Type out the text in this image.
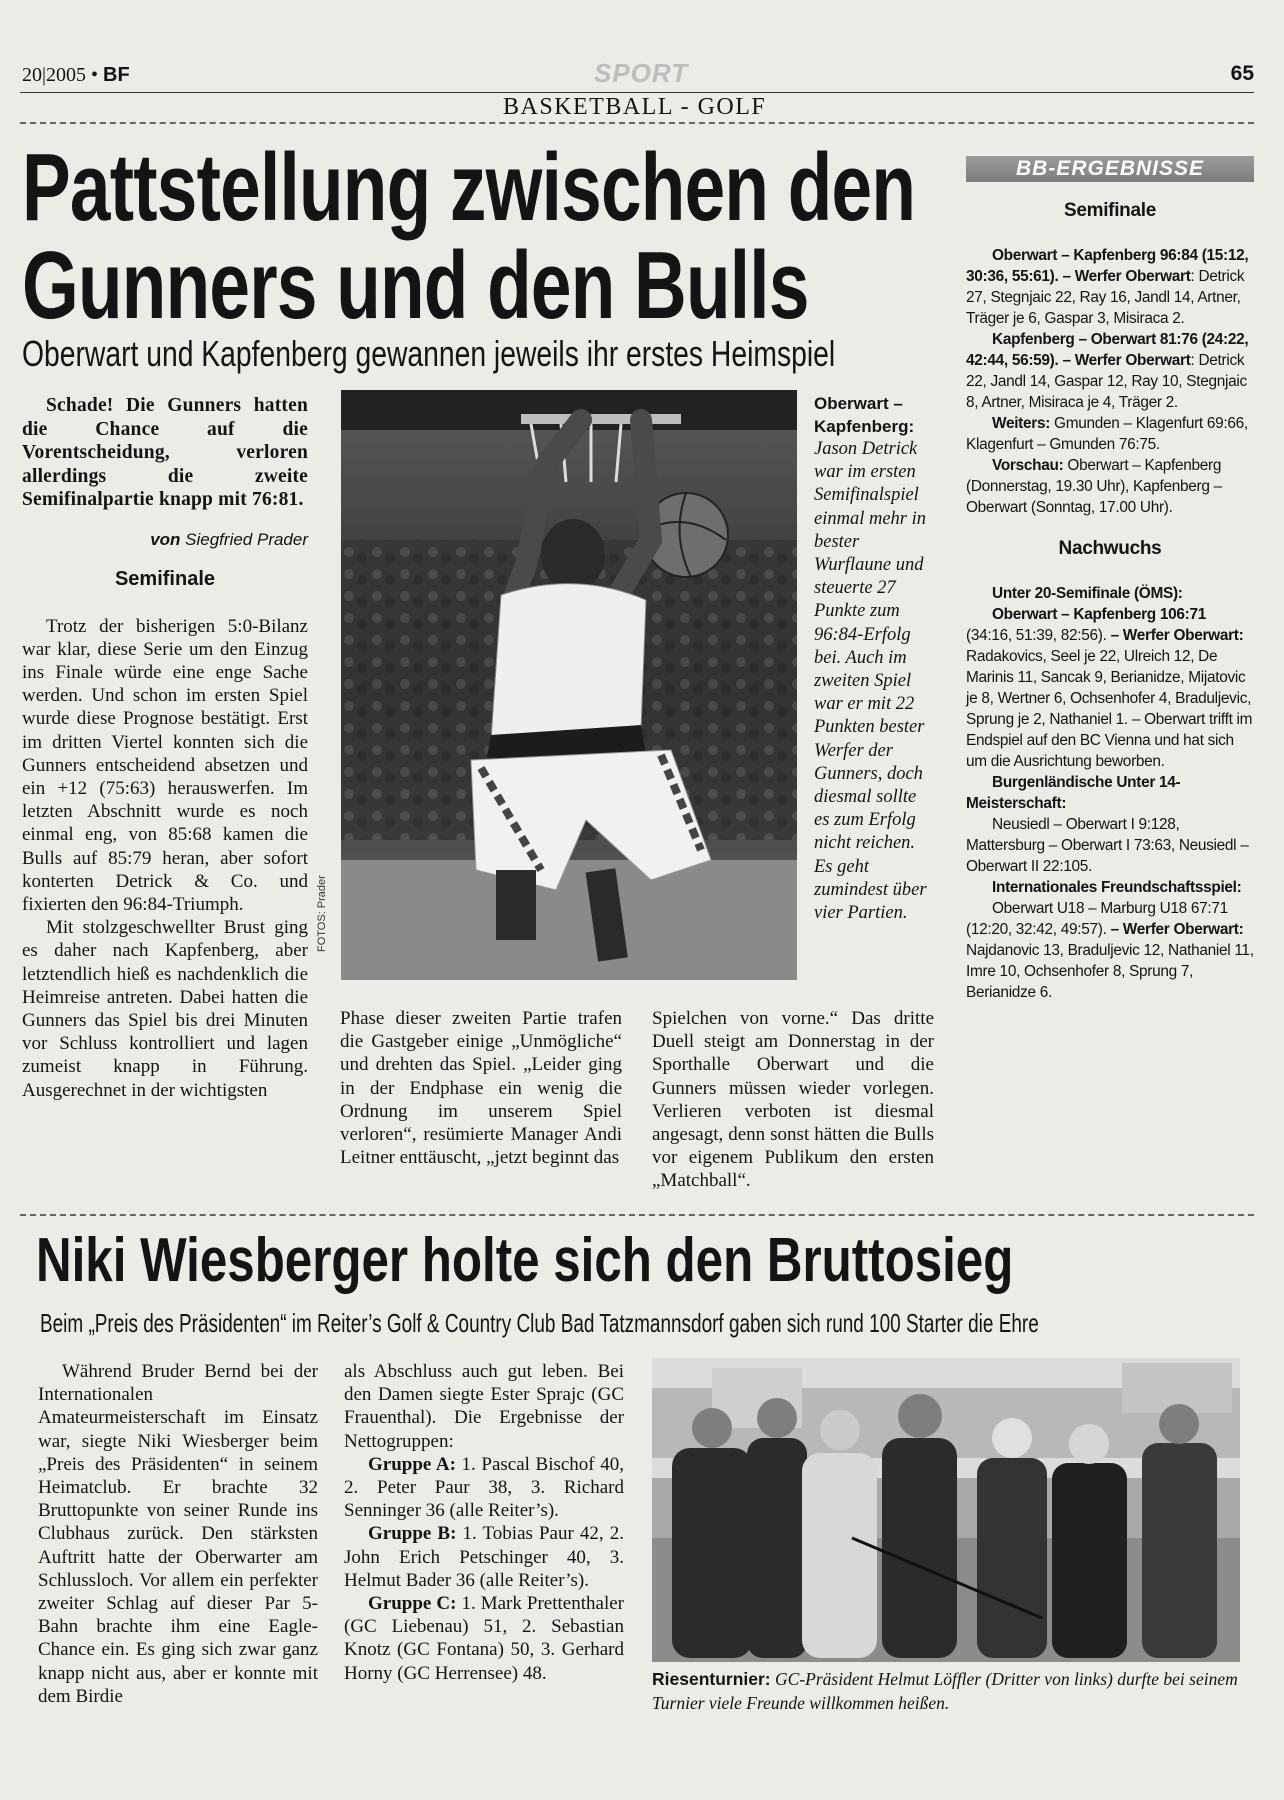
20|2005 • BF	SPORT	65
BASKETBALL - GOLF
Pattstellung zwischen den
Gunners und den Bulls
Oberwart und Kapfenberg gewannen jeweils ihr erstes Heimspiel

Schade! Die Gunners hatten die Chance auf die Vorentscheidung, verloren allerdings die zweite Semifinalpartie knapp mit 76:81.

von Siegfried Prader

Semifinale

Trotz der bisherigen 5:0-Bilanz war klar, diese Serie um den Einzug ins Finale würde eine enge Sache werden. Und schon im ersten Spiel wurde diese Prognose bestätigt. Erst im dritten Viertel konnten sich die Gunners entscheidend absetzen und ein +12 (75:63) herauswerfen. Im letzten Abschnitt wurde es noch einmal eng, von 85:68 kamen die Bulls auf 85:79 heran, aber sofort konterten Detrick & Co. und fixierten den 96:84-Triumph.

Mit stolzgeschwellter Brust ging es daher nach Kapfenberg, aber letztendlich hieß es nachdenklich die Heimreise antreten. Dabei hatten die Gunners das Spiel bis drei Minuten vor Schluss kontrolliert und lagen zumeist knapp in Führung. Ausgerechnet in der wichtigsten

FOTOS: Prader
Oberwart – Kapfenberg:
Jason Detrick war im ersten Semifinalspiel einmal mehr in bester Wurflaune und steuerte 27 Punkte zum 96:84-Erfolg bei. Auch im zweiten Spiel war er mit 22 Punkten bester Werfer der Gunners, doch diesmal sollte es zum Erfolg nicht reichen. Es geht zumindest über vier Partien.
Phase dieser zweiten Partie trafen die Gastgeber einige „Unmögliche“ und drehten das Spiel. „Leider ging in der Endphase ein wenig die Ordnung im unserem Spiel verloren“, resümierte Manager Andi Leitner enttäuscht, „jetzt beginnt das
Spielchen von vorne.“ Das dritte Duell steigt am Donnerstag in der Sporthalle Oberwart und die Gunners müssen wieder vorlegen. Verlieren verboten ist diesmal angesagt, denn sonst hätten die Bulls vor eigenem Publikum den ersten „Matchball“.
BB-ERGEBNISSE

Semifinale

Oberwart – Kapfenberg 96:84 (15:12, 30:36, 55:61). – Werfer Oberwart: Detrick 27, Stegnjaic 22, Ray 16, Jandl 14, Artner, Träger je 6, Gaspar 3, Misiraca 2.

Kapfenberg – Oberwart 81:76 (24:22, 42:44, 56:59). – Werfer Oberwart: Detrick 22, Jandl 14, Gaspar 12, Ray 10, Stegnjaic 8, Artner, Misiraca je 4, Träger 2.

Weiters: Gmunden – Klagenfurt 69:66, Klagenfurt – Gmunden 76:75.

Vorschau: Oberwart – Kapfenberg (Donnerstag, 19.30 Uhr), Kapfenberg – Oberwart (Sonntag, 17.00 Uhr).

Nachwuchs

Unter 20-Semifinale (ÖMS):

Oberwart – Kapfenberg 106:71

(34:16, 51:39, 82:56). – Werfer Oberwart: Radakovics, Seel je 22, Ulreich 12, De Marinis 11, Sancak 9, Berianidze, Mijatovic je 8, Wertner 6, Ochsenhofer 4, Braduljevic, Sprung je 2, Nathaniel 1. – Oberwart trifft im Endspiel auf den BC Vienna und hat sich um die Ausrichtung beworben.

Burgenländische Unter 14-Meisterschaft:

Neusiedl – Oberwart I 9:128, Mattersburg – Oberwart I 73:63, Neusiedl – Oberwart II 22:105.

Internationales Freundschaftsspiel:

Oberwart U18 – Marburg U18 67:71 (12:20, 32:42, 49:57). – Werfer Oberwart: Najdanovic 13, Braduljevic 12, Nathaniel 11, Imre 10, Ochsenhofer 8, Sprung 7, Berianidze 6.

Niki Wiesberger holte sich den Bruttosieg
Beim „Preis des Präsidenten“ im Reiter’s Golf & Country Club Bad Tatzmannsdorf gaben sich rund 100 Starter die Ehre
Während Bruder Bernd bei der Internationalen Amateurmeisterschaft im Einsatz war, siegte Niki Wiesberger beim „Preis des Präsidenten“ in seinem Heimatclub. Er brachte 32 Bruttopunkte von seiner Runde ins Clubhaus zurück. Den stärksten Auftritt hatte der Oberwarter am Schlussloch. Vor allem ein perfekter zweiter Schlag auf dieser Par 5-Bahn brachte ihm eine Eagle-Chance ein. Es ging sich zwar ganz knapp nicht aus, aber er konnte mit dem Birdie

als Abschluss auch gut leben. Bei den Damen siegte Ester Sprajc (GC Frauenthal). Die Ergebnisse der Nettogruppen:

Gruppe A: 1. Pascal Bischof 40, 2. Peter Paur 38, 3. Richard Senninger 36 (alle Reiter’s).

Gruppe B: 1. Tobias Paur 42, 2. John Erich Petschinger 40, 3. Helmut Bader 36 (alle Reiter’s).

Gruppe C: 1. Mark Prettenthaler (GC Liebenau) 51, 2. Sebastian Knotz (GC Fontana) 50, 3. Gerhard Horny (GC Herrensee) 48.	Riesenturnier: GC-Präsident Helmut Löffler (Dritter von links) durfte bei seinem Turnier viele Freunde willkommen heißen.
